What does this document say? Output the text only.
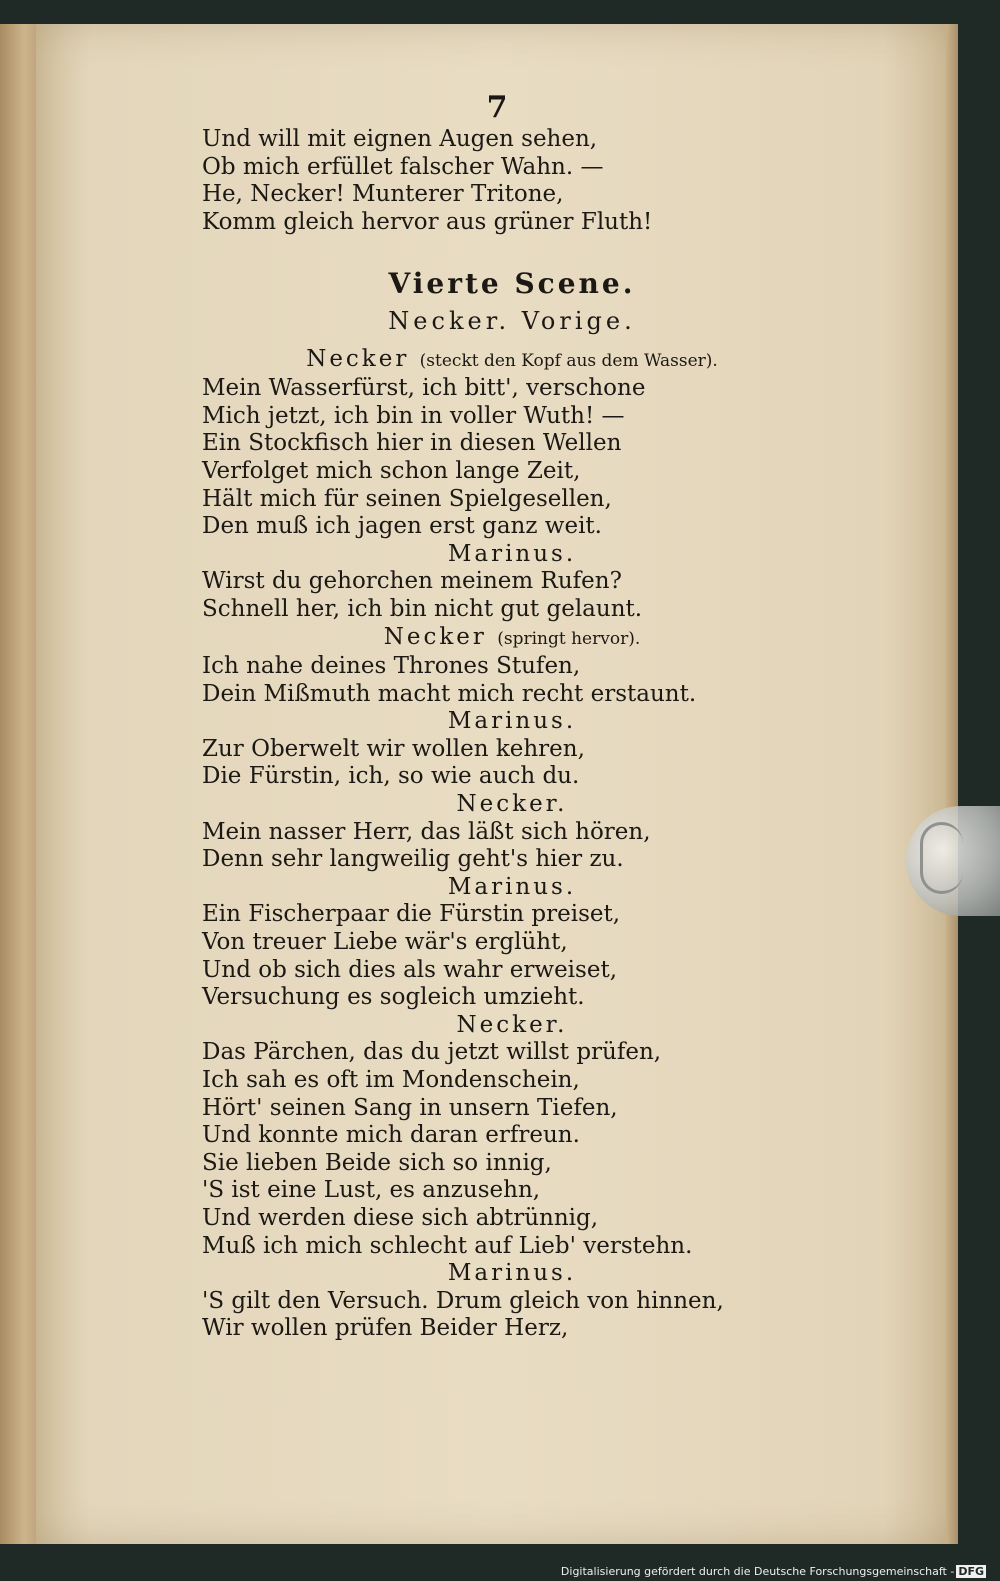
7
Und will mit eignen Augen sehen,
Ob mich erfüllet falscher Wahn. —
He, Necker! Munterer Tritone,
Komm gleich hervor aus grüner Fluth!
Vierte Scene.
Necker. Vorige.
Necker (steckt den Kopf aus dem Wasser).
Mein Wasserfürst, ich bitt', verschone
Mich jetzt, ich bin in voller Wuth! —
Ein Stockfisch hier in diesen Wellen
Verfolget mich schon lange Zeit,
Hält mich für seinen Spielgesellen,
Den muß ich jagen erst ganz weit.
Marinus.
Wirst du gehorchen meinem Rufen?
Schnell her, ich bin nicht gut gelaunt.
Necker (springt hervor).
Ich nahe deines Thrones Stufen,
Dein Mißmuth macht mich recht erstaunt.
Marinus.
Zur Oberwelt wir wollen kehren,
Die Fürstin, ich, so wie auch du.
Necker.
Mein nasser Herr, das läßt sich hören,
Denn sehr langweilig geht's hier zu.
Marinus.
Ein Fischerpaar die Fürstin preiset,
Von treuer Liebe wär's erglüht,
Und ob sich dies als wahr erweiset,
Versuchung es sogleich umzieht.
Necker.
Das Pärchen, das du jetzt willst prüfen,
Ich sah es oft im Mondenschein,
Hört' seinen Sang in unsern Tiefen,
Und konnte mich daran erfreun.
Sie lieben Beide sich so innig,
'S ist eine Lust, es anzusehn,
Und werden diese sich abtrünnig,
Muß ich mich schlecht auf Lieb' verstehn.
Marinus.
'S gilt den Versuch. Drum gleich von hinnen,
Wir wollen prüfen Beider Herz,
Digitalisierung gefördert durch die Deutsche Forschungsgemeinschaft - DFG
